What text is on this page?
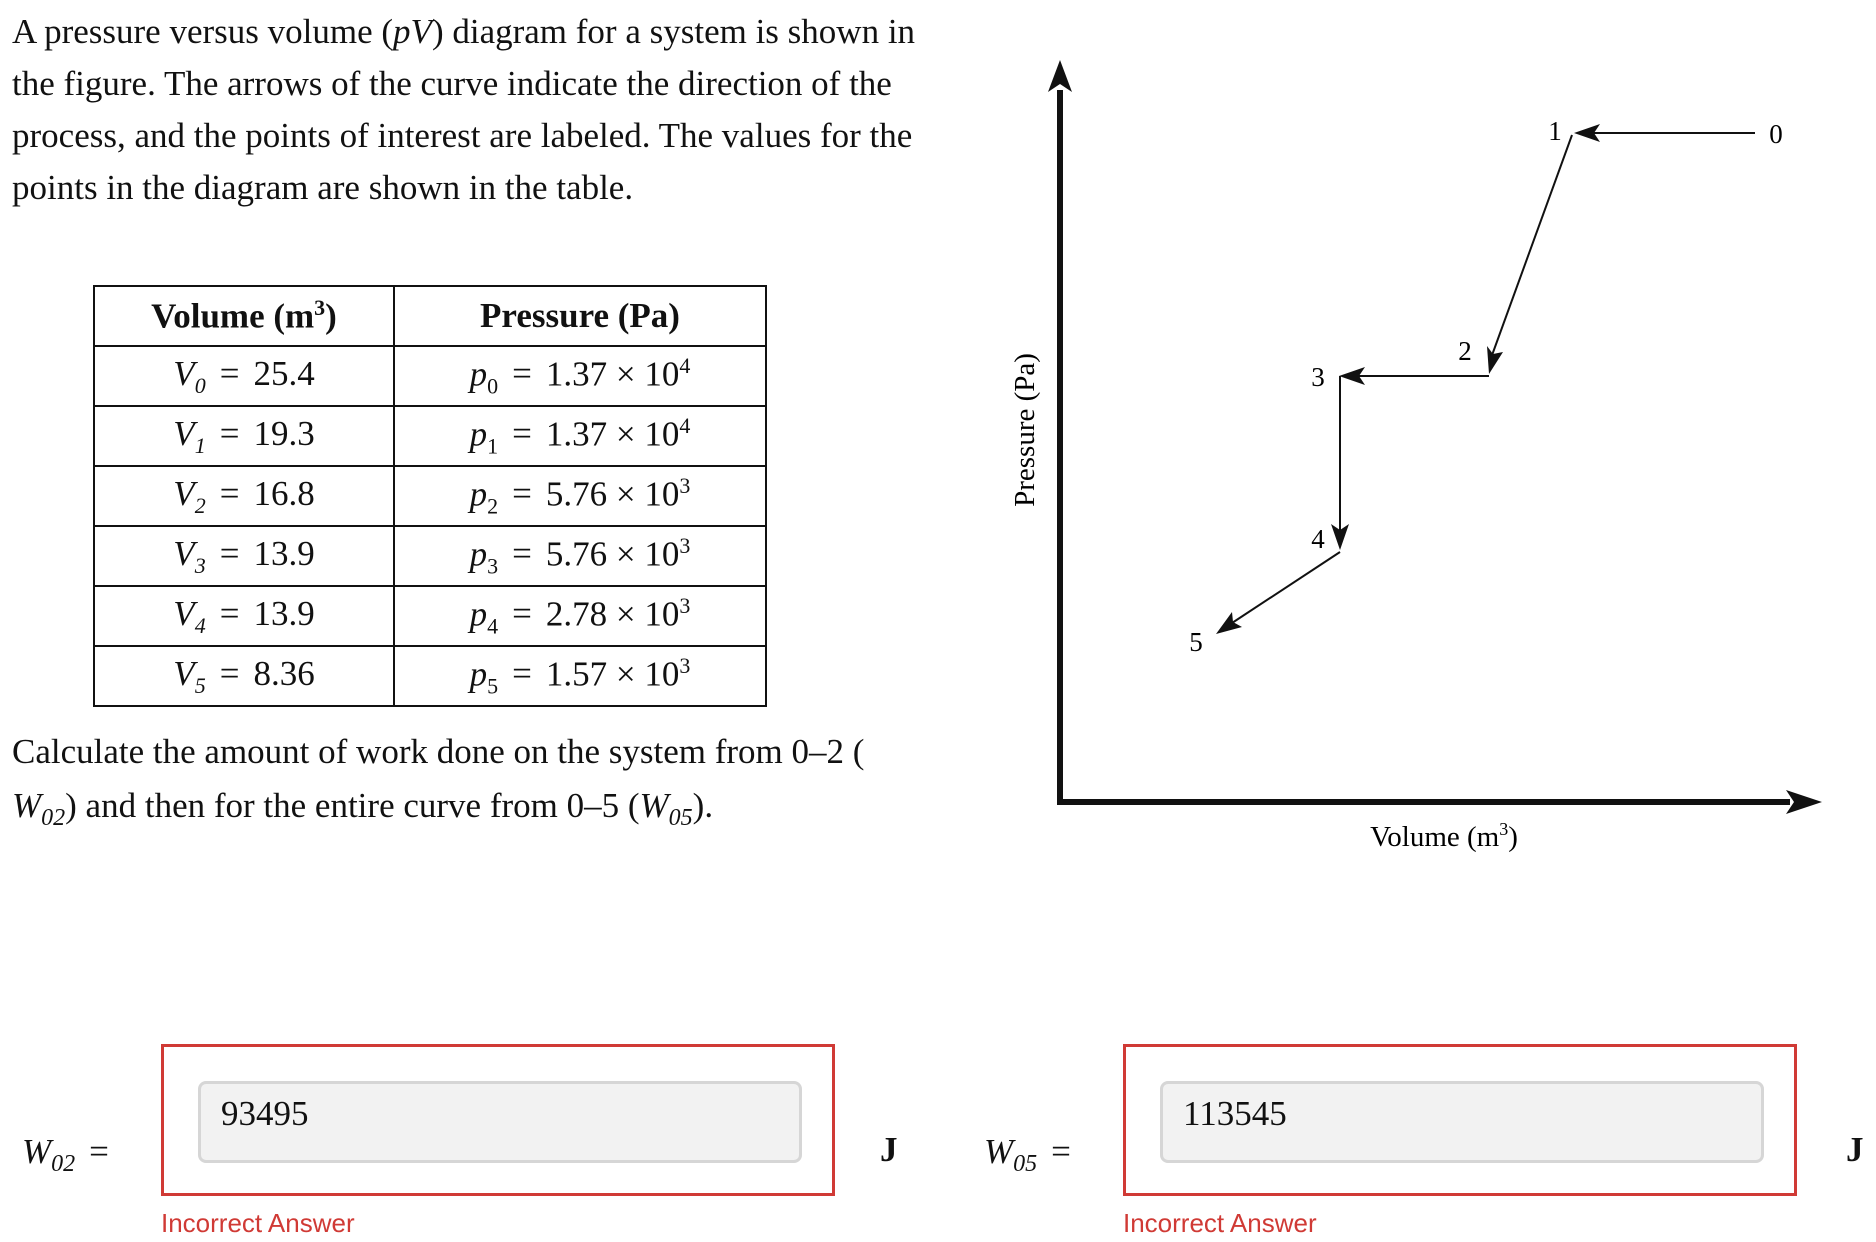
A pressure versus volume (pV) diagram for a system is shown in the figure. The arrows of the curve indicate the direction of the process, and the points of interest are labeled. The values for the points in the diagram are shown in the table.

Volume $(m^3)$	Pressure (Pa)
$V_0 = 25.4$	$p_0 = 1.37 \times 10^4$
$V_1 = 19.3$	$p_1 = 1.37 \times 10^4$
$V_2 = 16.8$	$p_2 = 5.76 \times 10^3$
$V_3 = 13.9$	$p_3 = 5.76 \times 10^3$
$V_4 = 13.9$	$p_4 = 2.78 \times 10^3$
$V_5 = 8.36$	$p_5 = 1.57 \times 10^3$

Calculate the amount of work done on the system from 0–2 (
$W_{02}$) and then for the entire curve from 0–5 $(W_{05})$.

0
1
2
3
4
5
Pressure (Pa)
Volume $(m^3)$
$W_{02}$ =
93495
J
Incorrect Answer
$W_{05}$ =
113545
J
Incorrect Answer
